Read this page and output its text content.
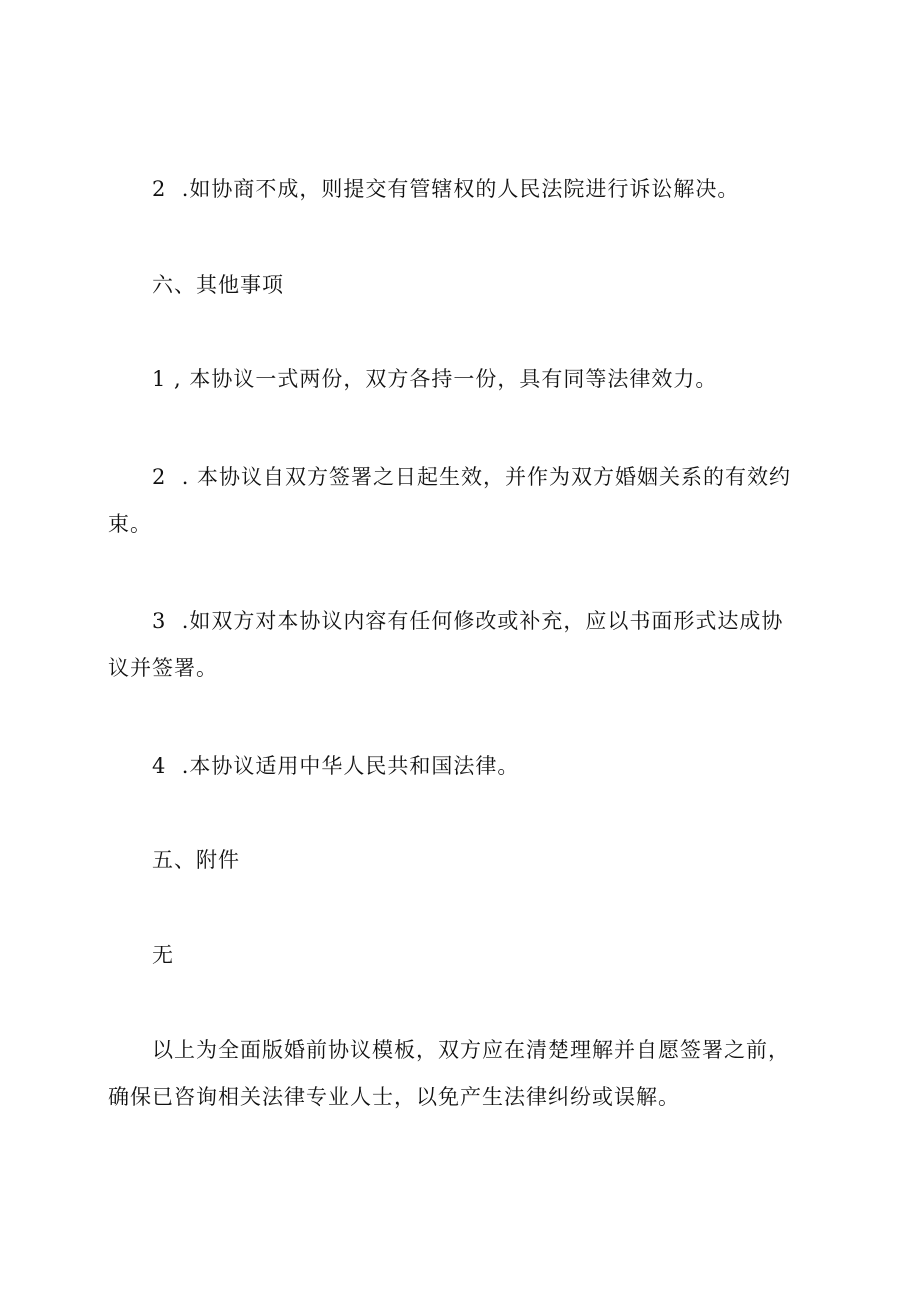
2  .如协商不成，则提交有管辖权的人民法院进行诉讼解决。

六、其他事项

1 , 本协议一式两份，双方各持一份，具有同等法律效力。

2  . 本协议自双方签署之日起生效，并作为双方婚姻关系的有效约束。

3  .如双方对本协议内容有任何修改或补充，应以书面形式达成协议并签署。

4  .本协议适用中华人民共和国法律。

五、附件

无

以上为全面版婚前协议模板，双方应在清楚理解并自愿签署之前，确保已咨询相关法律专业人士，以免产生法律纠纷或误解。
